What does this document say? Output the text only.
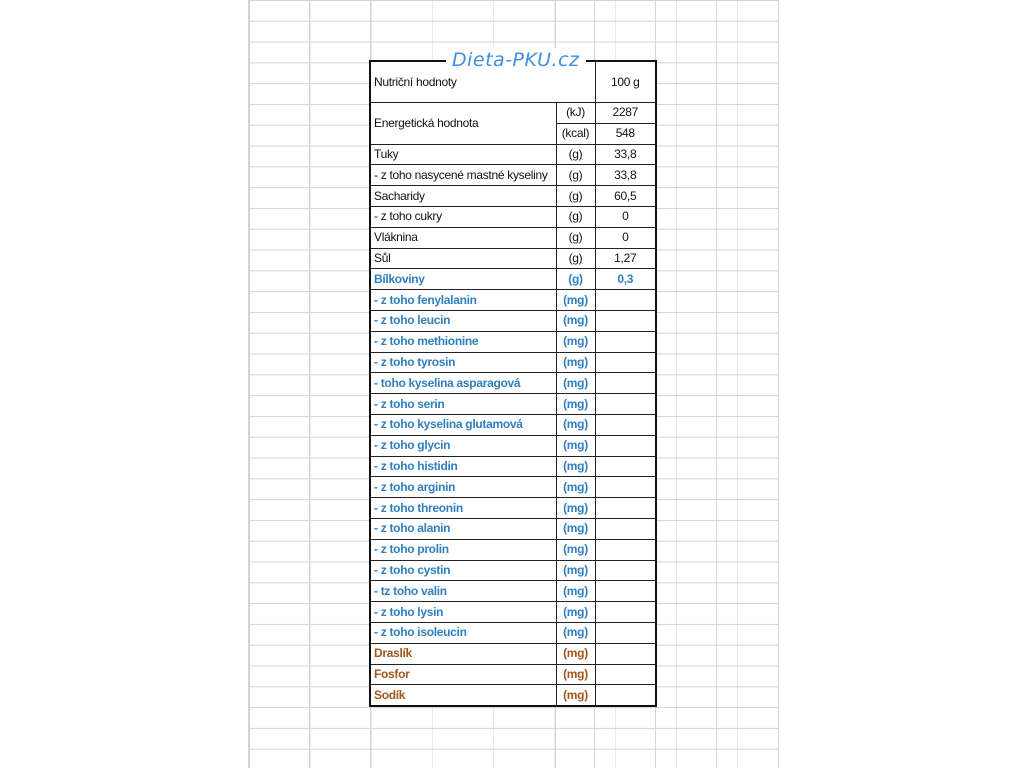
Nutriční hodnoty		100 g
Energetická hodnota	(kJ)	2287
	(kcal)	548
Tuky	(g)	33,8
- z toho nasycené mastné kyseliny	(g)	33,8
Sacharidy	(g)	60,5
- z toho cukry	(g)	0
Vláknina	(g)	0
Sůl	(g)	1,27
Bílkoviny	(g)	0,3
- z toho fenylalanin	(mg)	
- z toho leucin	(mg)	
- z toho methionine	(mg)	
- z toho tyrosin	(mg)	
- toho kyselina asparagová	(mg)	
- z toho serin	(mg)	
- z toho kyselina glutamová	(mg)	
- z toho glycin	(mg)	
- z toho histidin	(mg)	
- z toho arginin	(mg)	
- z toho threonin	(mg)	
- z toho alanin	(mg)	
- z toho prolin	(mg)	
- z toho cystin	(mg)	
- tz toho valin	(mg)	
- z toho lysin	(mg)	
- z toho isoleucin	(mg)	
Draslík	(mg)	
Fosfor	(mg)	
Sodík	(mg)	
Dieta-PKU.cz
